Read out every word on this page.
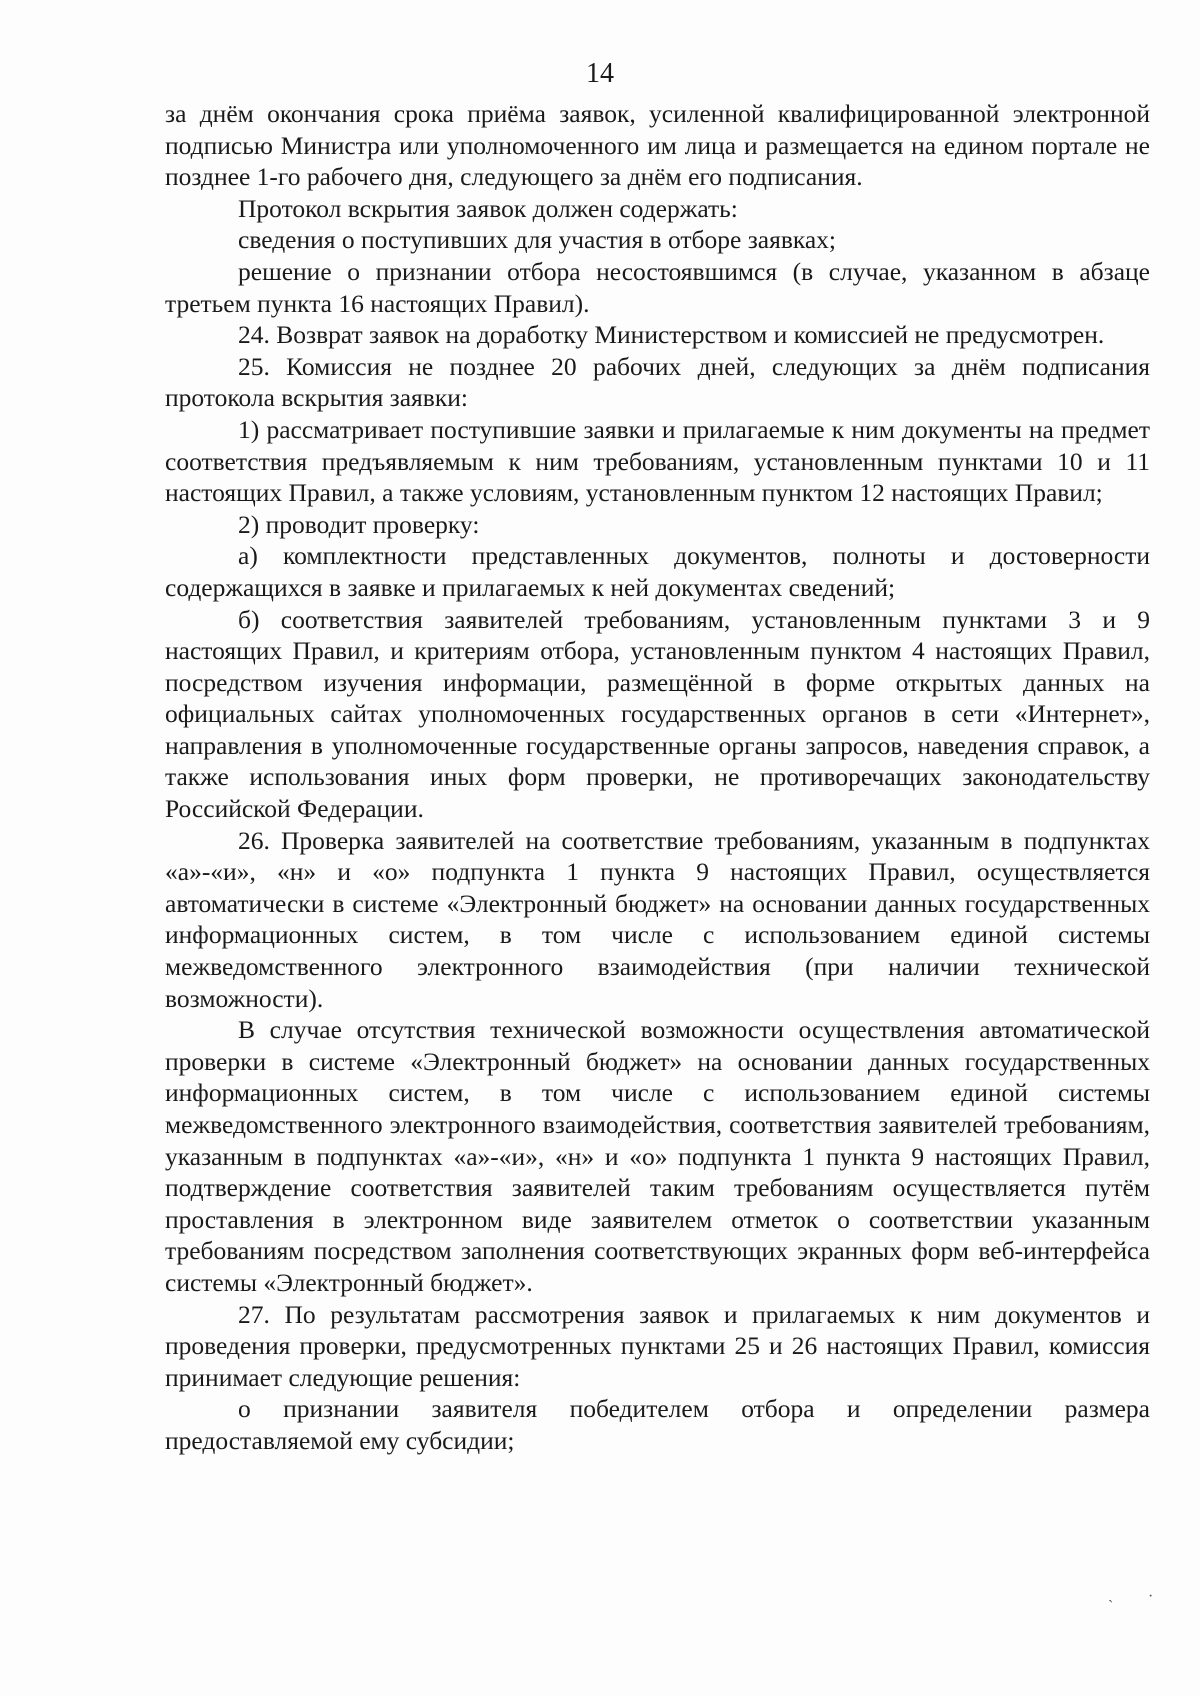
14

за днём окончания срока приёма заявок, усиленной квалифицированной электронной подписью Министра или уполномоченного им лица и размещается на едином портале не позднее 1-го рабочего дня, следующего за днём его подписания.

Протокол вскрытия заявок должен содержать:

сведения о поступивших для участия в отборе заявках;

решение о признании отбора несостоявшимся (в случае, указанном в абзаце третьем пункта 16 настоящих Правил).

24. Возврат заявок на доработку Министерством и комиссией не предусмотрен.

25. Комиссия не позднее 20 рабочих дней, следующих за днём подписания протокола вскрытия заявки:

1) рассматривает поступившие заявки и прилагаемые к ним документы на предмет соответствия предъявляемым к ним требованиям, установленным пунктами 10 и 11 настоящих Правил, а также условиям, установленным пунктом 12 настоящих Правил;

2) проводит проверку:

а) комплектности представленных документов, полноты и достоверности содержащихся в заявке и прилагаемых к ней документах сведений;

б) соответствия заявителей требованиям, установленным пунктами 3 и 9 настоящих Правил, и критериям отбора, установленным пунктом 4 настоящих Правил, посредством изучения информации, размещённой в форме открытых данных на официальных сайтах уполномоченных государственных органов в сети «Интернет», направления в уполномоченные государственные органы запросов, наведения справок, а также использования иных форм проверки, не противоречащих законодательству Российской Федерации.

26. Проверка заявителей на соответствие требованиям, указанным в подпунктах «а»-«и», «н» и «о» подпункта 1 пункта 9 настоящих Правил, осуществляется автоматически в системе «Электронный бюджет» на основании данных государственных информационных систем, в том числе с использованием единой системы межведомственного электронного взаимодействия (при наличии технической возможности).

В случае отсутствия технической возможности осуществления автоматической проверки в системе «Электронный бюджет» на основании данных государственных информационных систем, в том числе с использованием единой системы межведомственного электронного взаимодействия, соответствия заявителей требованиям, указанным в подпунктах «а»-«и», «н» и «о» подпункта 1 пункта 9 настоящих Правил, подтверждение соответствия заявителей таким требованиям осуществляется путём проставления в электронном виде заявителем отметок о соответствии указанным требованиям посредством заполнения соответствующих экранных форм веб-интерфейса системы «Электронный бюджет».

27. По результатам рассмотрения заявок и прилагаемых к ним документов и проведения проверки, предусмотренных пунктами 25 и 26 настоящих Правил, комиссия принимает следующие решения:

о признании заявителя победителем отбора и определении размера предоставляемой ему субсидии;

ˋ
·
